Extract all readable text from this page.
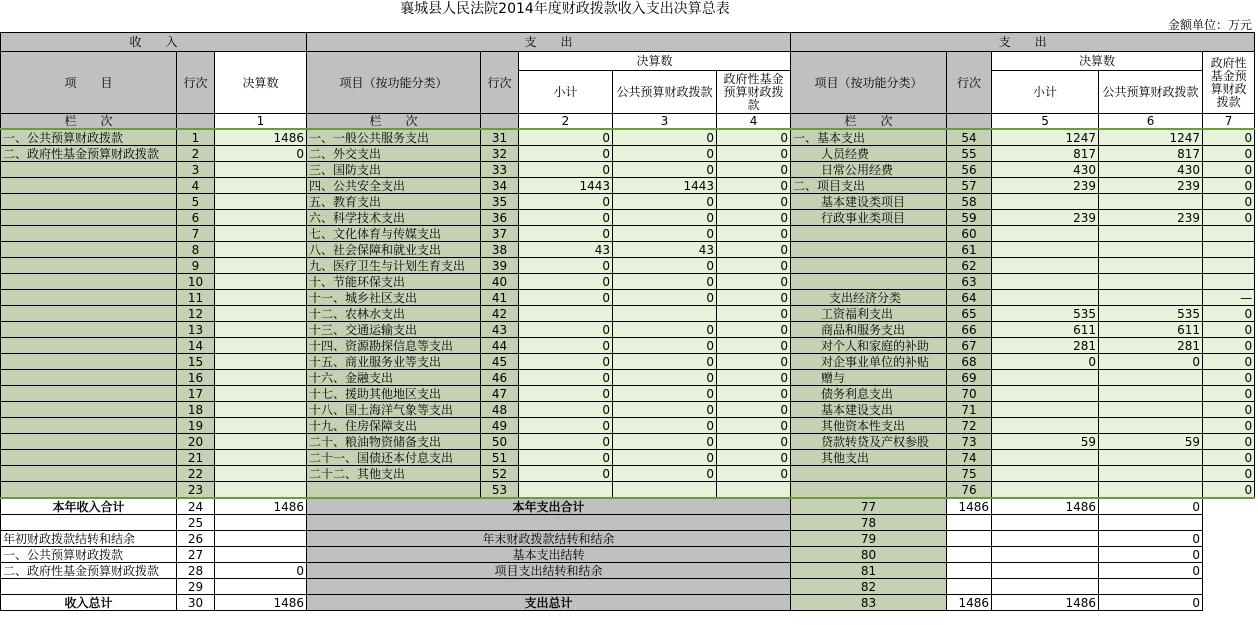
襄城县人民法院2014年度财政拨款收入支出决算总表
金额单位：万元
收　　入			支　　出					支　　出				
项　　目	行次	决算数	项目（按功能分类）	行次	决算数			项目（按功能分类）	行次	决算数		政府性基金预算财政拨款
					小计	公共预算财政拨款	政府性基金预算财政拨款			小计	公共预算财政拨款	
栏　　次		1	栏　　次		2	3	4	栏　　次		5	6	7
一、公共预算财政拨款	1	1486	一、一般公共服务支出	31	0	0	0	一、基本支出	54	1247	1247	0
二、政府性基金预算财政拨款	2	0	二、外交支出	32	0	0	0	人员经费	55	817	817	0
	3		三、国防支出	33	0	0	0	日常公用经费	56	430	430	0
	4		四、公共安全支出	34	1443	1443	0	二、项目支出	57	239	239	0
	5		五、教育支出	35	0	0	0	基本建设类项目	58			0
	6		六、科学技术支出	36	0	0	0	行政事业类项目	59	239	239	0
	7		七、文化体育与传媒支出	37	0	0	0		60			
	8		八、社会保障和就业支出	38	43	43	0		61			
	9		九、医疗卫生与计划生育支出	39	0	0	0		62			
	10		十、节能环保支出	40	0	0	0		63			
	11		十一、城乡社区支出	41	0	0	0	支出经济分类	64			—
	12		十二、农林水支出	42			0	工资福利支出	65	535	535	0
	13		十三、交通运输支出	43	0	0	0	商品和服务支出	66	611	611	0
	14		十四、资源勘探信息等支出	44	0	0	0	对个人和家庭的补助	67	281	281	0
	15		十五、商业服务业等支出	45	0	0	0	对企事业单位的补贴	68	0	0	0
	16		十六、金融支出	46	0	0	0	赠与	69			0
	17		十七、援助其他地区支出	47	0	0	0	债务利息支出	70			0
	18		十八、国土海洋气象等支出	48	0	0	0	基本建设支出	71			0
	19		十九、住房保障支出	49	0	0	0	其他资本性支出	72			0
	20		二十、粮油物资储备支出	50	0	0	0	贷款转贷及产权参股	73	59	59	0
	21		二十一、国债还本付息支出	51	0	0	0	其他支出	74			0
	22		二十二、其他支出	52	0	0	0		75			0
	23			53					76			0
本年收入合计	24	1486	本年支出合计					77	1486	1486	0	
	25							78				
年初财政拨款结转和结余	26		年末财政拨款结转和结余					79			0	
一、公共预算财政拨款	27		基本支出结转					80			0	
二、政府性基金预算财政拨款	28	0	项目支出结转和结余					81			0	
	29							82				
收入总计	30	1486	支出总计					83	1486	1486	0	
